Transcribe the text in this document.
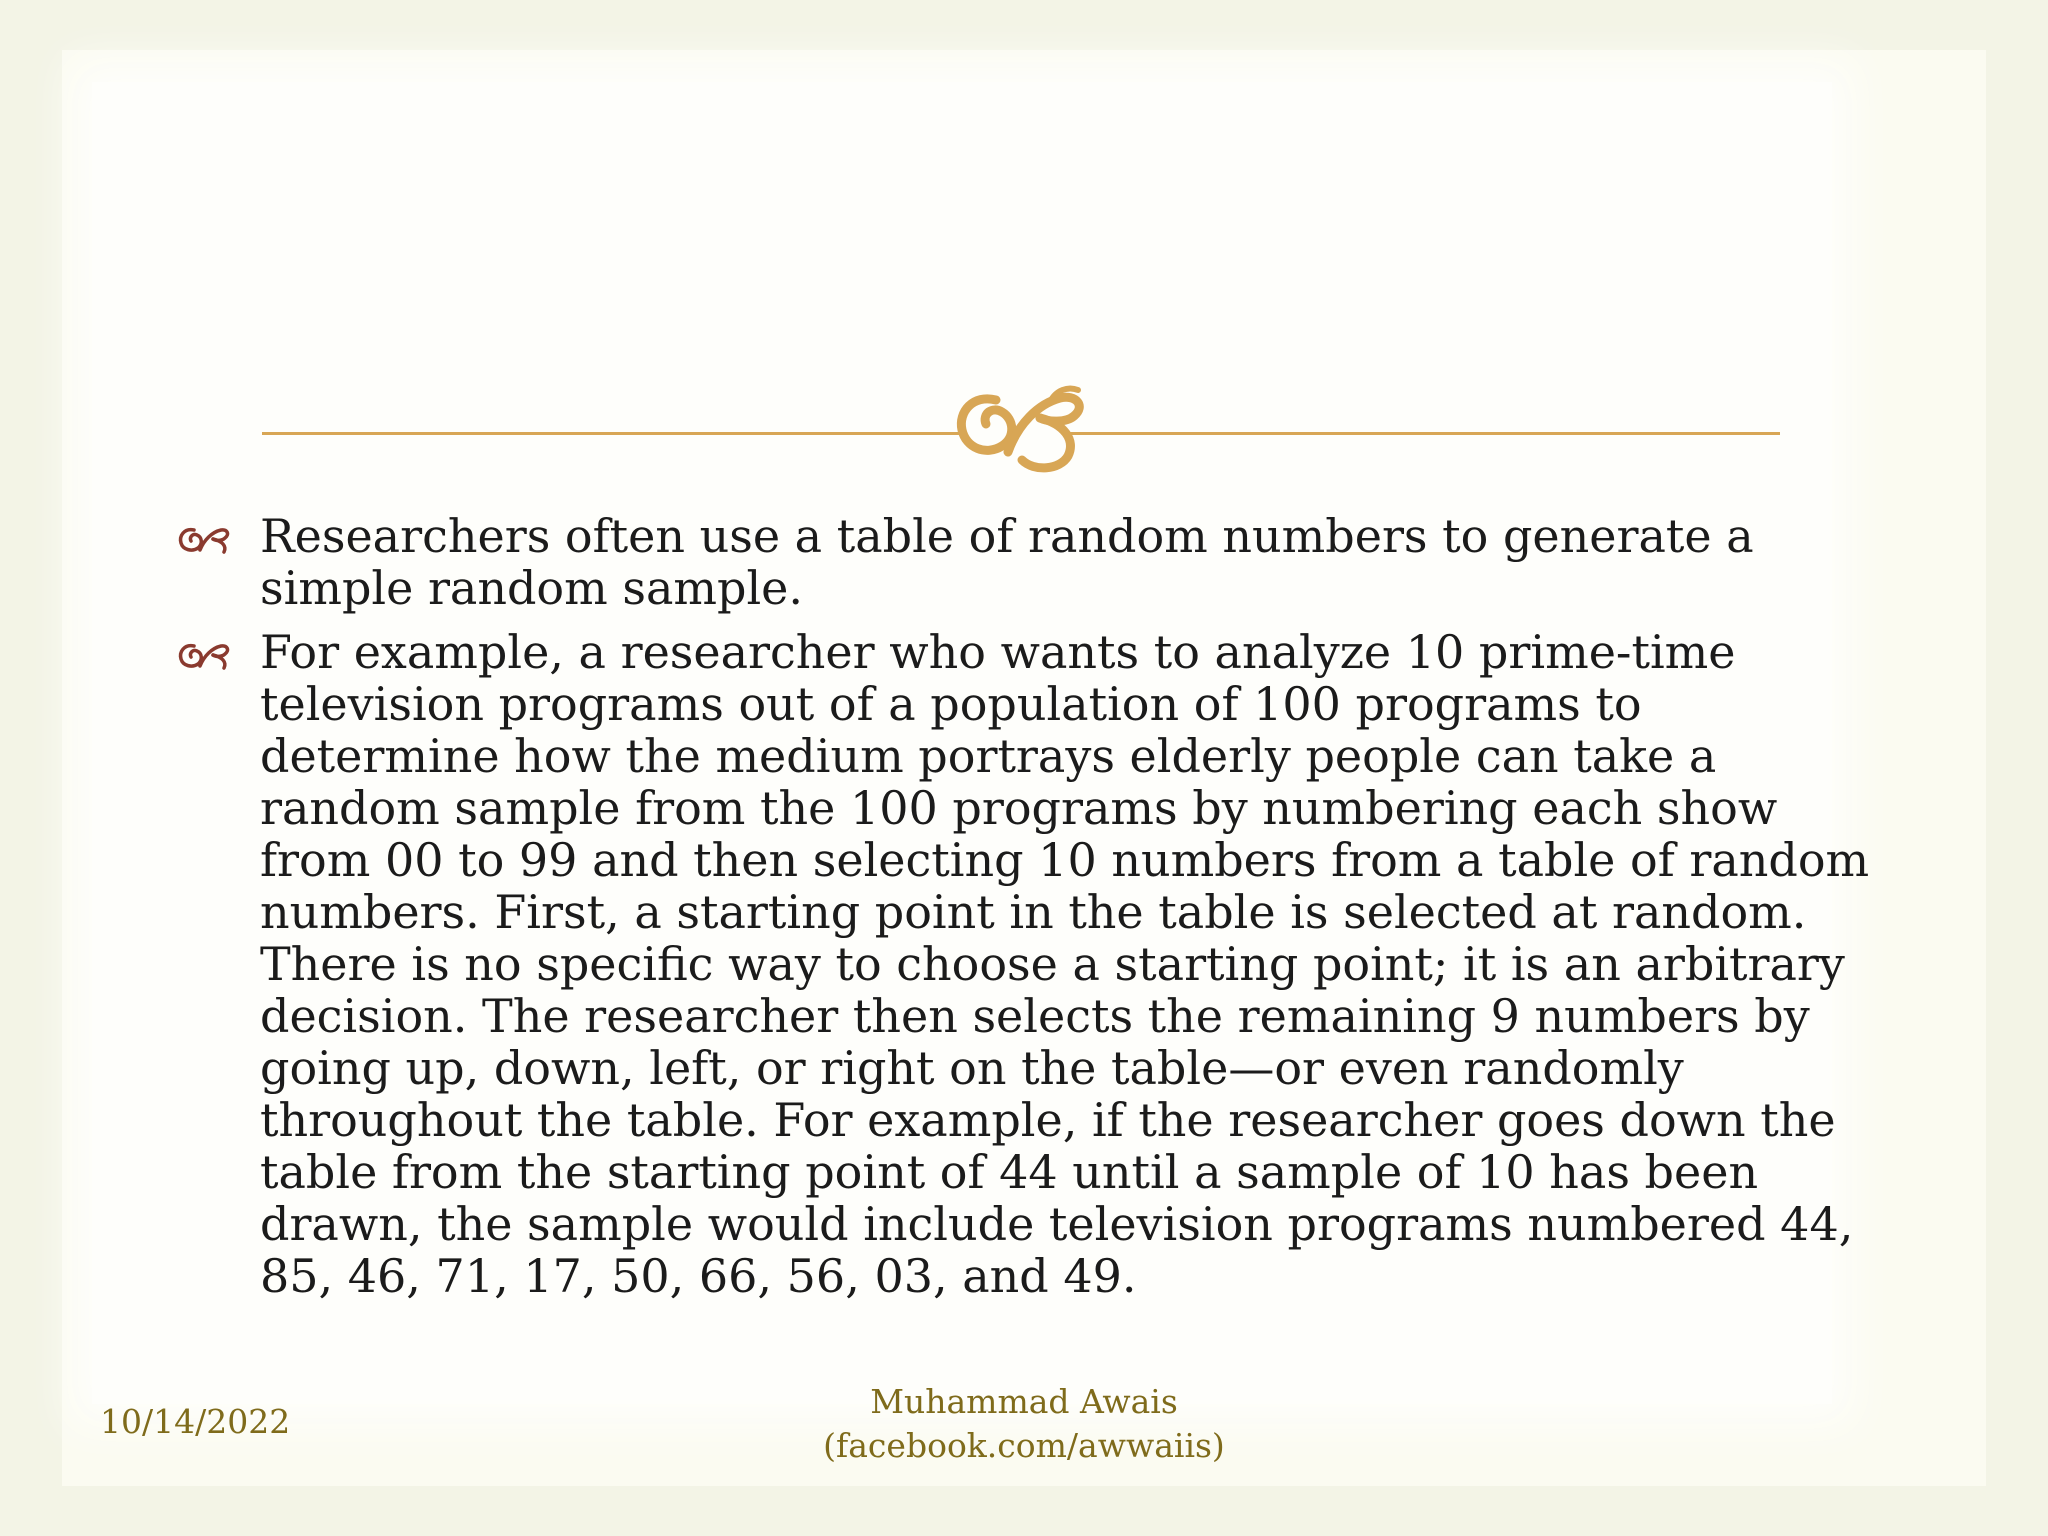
Researchers often use a table of random numbers to generate a simple random sample.
For example, a researcher who wants to analyze 10 prime-time television programs out of a population of 100 programs to determine how the medium portrays elderly people can take a random sample from the 100 programs by numbering each show from 00 to 99 and then selecting 10 numbers from a table of random numbers. First, a starting point in the table is selected at random. There is no specific way to choose a starting point; it is an arbitrary decision. The researcher then selects the remaining 9 numbers by going up, down, left, or right on the table—or even randomly throughout the table. For example, if the researcher goes down the table from the starting point of 44 until a sample of 10 has been drawn, the sample would include television programs numbered 44, 85, 46, 71, 17, 50, 66, 56, 03, and 49.
10/14/2022
Muhammad Awais
(facebook.com/awwaiis)
